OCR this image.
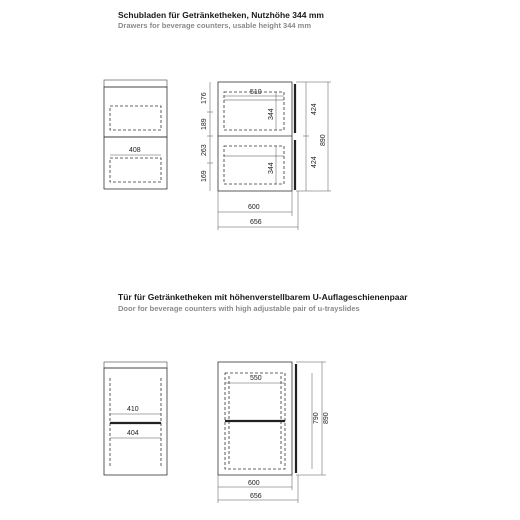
Schubladen für Getränketheken, Nutzhöhe 344 mm
Drawers for beverage counters, usable height 344 mm
Tür für Getränketheken mit höhenverstellbarem U-Auflageschienenpaar
Door for beverage counters with high adjustable pair of u-trayslides
408
510
176
189
263
169
344
344
424
424
890
600
656
410
404
550
790 890
600
656
